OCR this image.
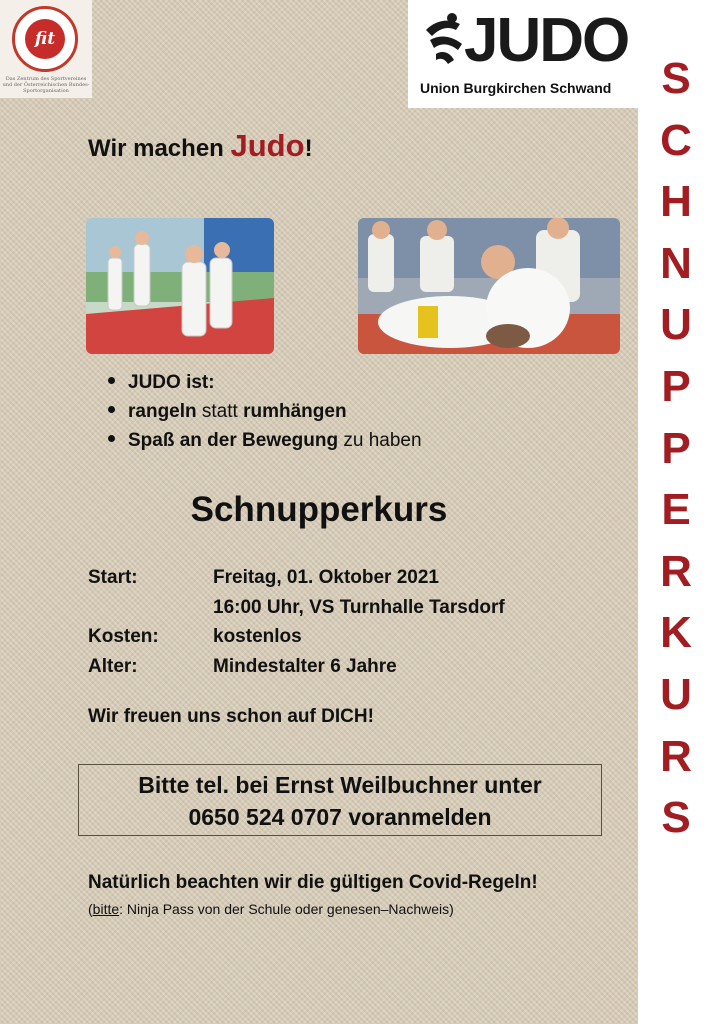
fit
Das Zentrum des Sportvereines und der Österreichischen Bundes-Sportorganisation
JUDO
Union Burgkirchen Schwand	S
C
H
N
U
P
P
E
R
K
U
R
S
Wir machen Judo!
JUDO ist:
rangeln statt rumhängen
Spaß an der Bewegung zu haben
Schnupperkurs
Start:	Freitag, 01. Oktober 2021
16:00 Uhr, VS Turnhalle Tarsdorf
Kosten:	kostenlos
Alter:	Mindestalter 6 Jahre
Wir freuen uns schon auf DICH!
Bitte tel. bei Ernst Weilbuchner unter
0650 524 0707 voranmelden
Natürlich beachten wir die gültigen Covid-Regeln!
(bitte: Ninja Pass von der Schule oder genesen–Nachweis)
